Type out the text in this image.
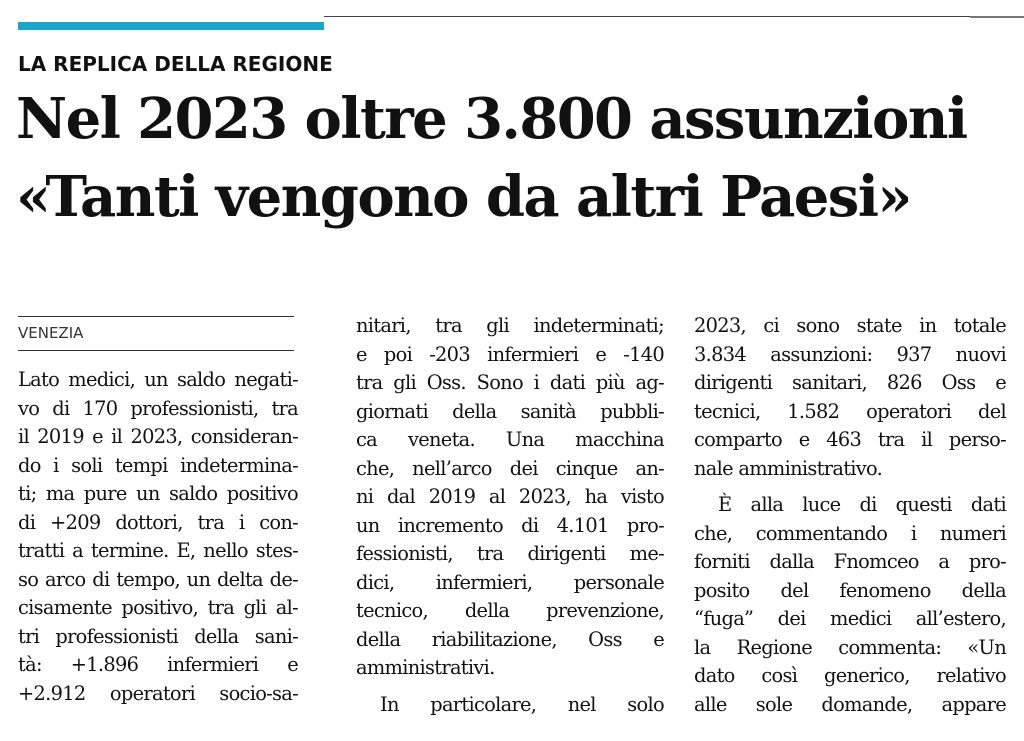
LA REPLICA DELLA REGIONE
Nel 2023 oltre 3.800 assunzioni
«Tanti vengono da altri Paesi»
VENEZIA
Lato medici, un saldo negati-
vo di 170 professionisti, tra
il 2019 e il 2023, consideran-
do i soli tempi indetermina-
ti; ma pure un saldo positivo
di +209 dottori, tra i con-
tratti a termine. E, nello stes-
so arco di tempo, un delta de-
cisamente positivo, tra gli al-
tri professionisti della sani-
tà: +1.896 infermieri e
+2.912 operatori socio-sa-
nitari, tra gli indeterminati;
e poi -203 infermieri e -140
tra gli Oss. Sono i dati più ag-
giornati della sanità pubbli-
ca veneta. Una macchina
che, nell’arco dei cinque an-
ni dal 2019 al 2023, ha visto
un incremento di 4.101 pro-
fessionisti, tra dirigenti me-
dici, infermieri, personale
tecnico, della prevenzione,
della riabilitazione, Oss e
amministrativi.
In particolare, nel solo
2023, ci sono state in totale
3.834 assunzioni: 937 nuovi
dirigenti sanitari, 826 Oss e
tecnici, 1.582 operatori del
comparto e 463 tra il perso-
nale amministrativo.
È alla luce di questi dati
che, commentando i numeri
forniti dalla Fnomceo a pro-
posito del fenomeno della
“fuga” dei medici all’estero,
la Regione commenta: «Un
dato così generico, relativo
alle sole domande, appare
